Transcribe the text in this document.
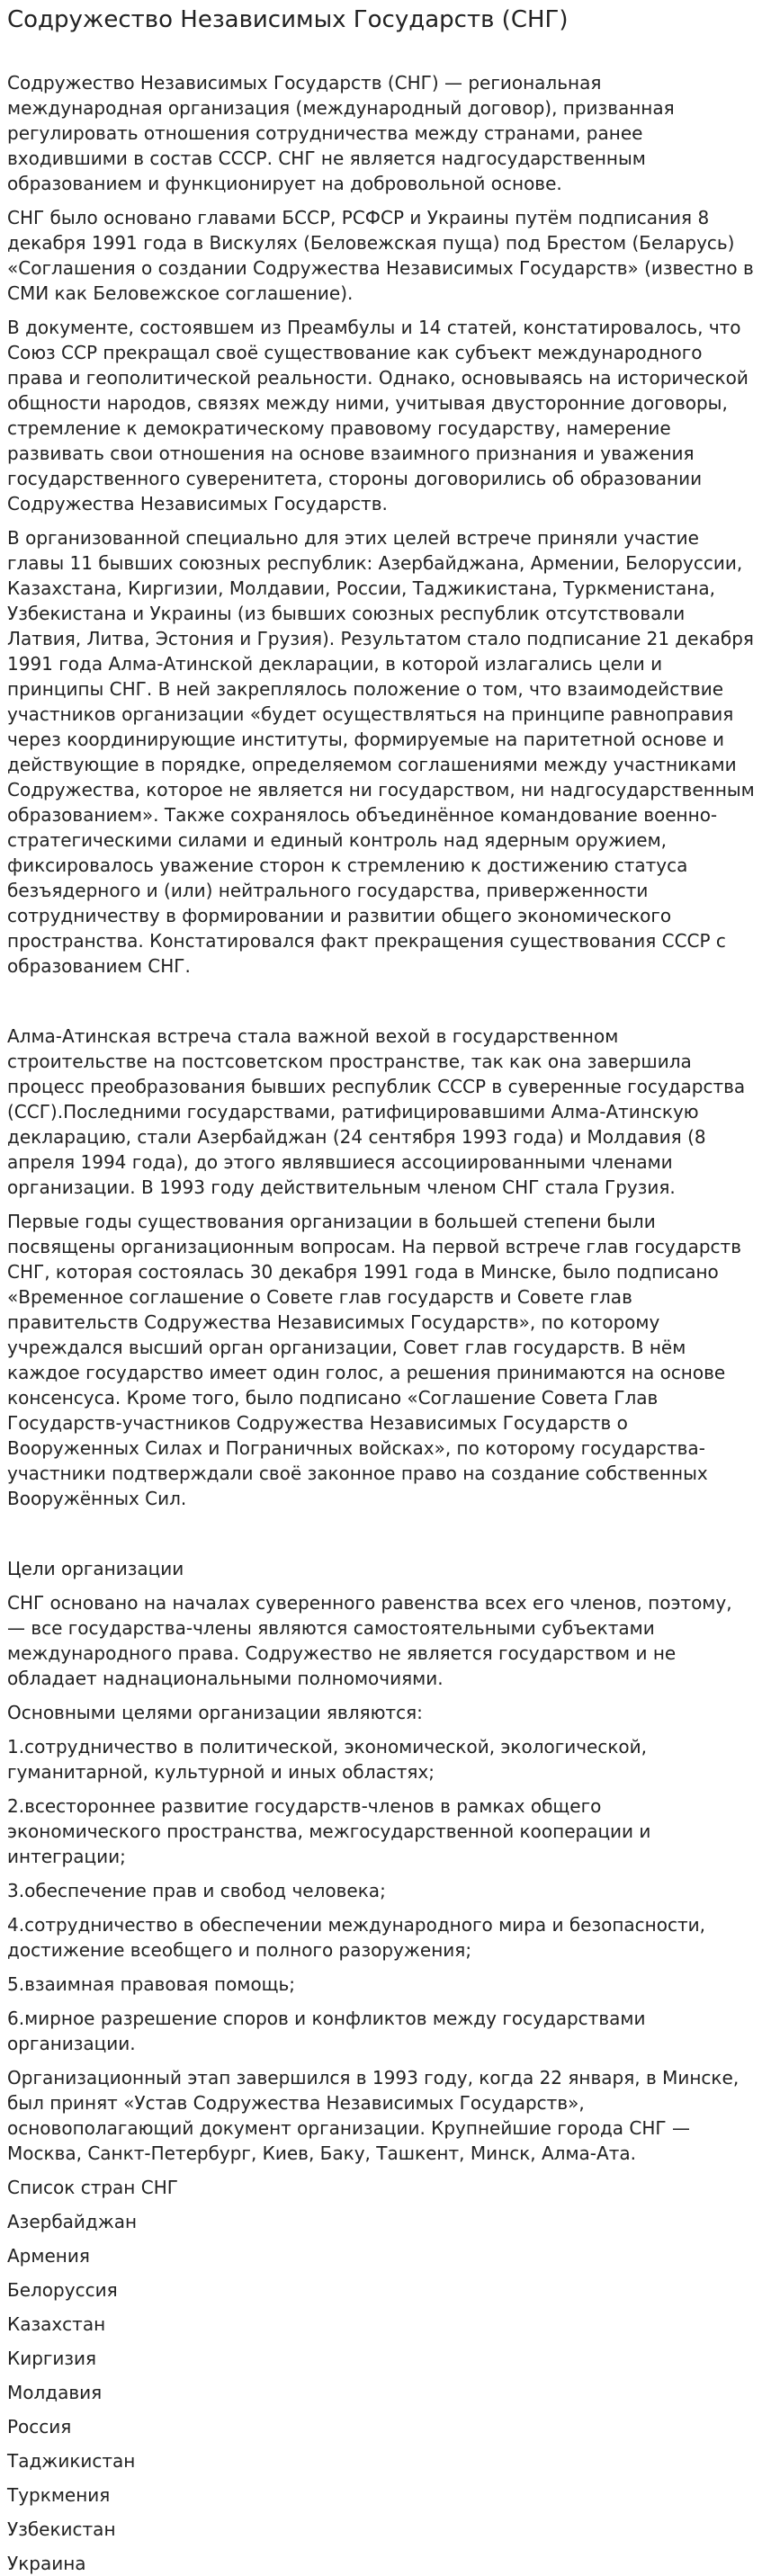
Содружество Независимых Государств (СНГ)

Содружество Независимых Государств (СНГ) — региональная международная организация (международный договор), призванная регулировать отношения сотрудничества между странами, ранее входившими в состав СССР. СНГ не является надгосударственным образованием и функционирует на добровольной основе.

СНГ было основано главами БССР, РСФСР и Украины путём подписания 8 декабря 1991 года в Вискулях (Беловежская пуща) под Брестом (Беларусь) «Соглашения о создании Содружества Независимых Государств» (известно в СМИ как Беловежское соглашение).

В документе, состоявшем из Преамбулы и 14 статей, констатировалось, что Союз ССР прекращал своё существование как субъект международного права и геополитической реальности. Однако, основываясь на исторической общности народов, связях между ними, учитывая двусторонние договоры, стремление к демократическому правовому государству, намерение развивать свои отношения на основе взаимного признания и уважения государственного суверенитета, стороны договорились об образовании Содружества Независимых Государств.

В организованной специально для этих целей встрече приняли участие главы 11 бывших союзных республик: Азербайджана, Армении, Белоруссии, Казахстана, Киргизии, Молдавии, России, Таджикистана, Туркменистана, Узбекистана и Украины (из бывших союзных республик отсутствовали Латвия, Литва, Эстония и Грузия). Результатом стало подписание 21 декабря 1991 года Алма-Атинской декларации, в которой излагались цели и принципы СНГ. В ней закреплялось положение о том, что взаимодействие участников организации «будет осуществляться на принципе равноправия через координирующие институты, формируемые на паритетной основе и действующие в порядке, определяемом соглашениями между участниками Содружества, которое не является ни государством, ни надгосударственным образованием». Также сохранялось объединённое командование военно-стратегическими силами и единый контроль над ядерным оружием, фиксировалось уважение сторон к стремлению к достижению статуса безъядерного и (или) нейтрального государства, приверженности сотрудничеству в формировании и развитии общего экономического пространства. Констатировался факт прекращения существования СССР с образованием СНГ.

Алма-Атинская встреча стала важной вехой в государственном строительстве на постсоветском пространстве, так как она завершила процесс преобразования бывших республик СССР в суверенные государства (ССГ).Последними государствами, ратифицировавшими Алма-Атинскую декларацию, стали Азербайджан (24 сентября 1993 года) и Молдавия (8 апреля 1994 года), до этого являвшиеся ассоциированными членами организации. В 1993 году действительным членом СНГ стала Грузия.

Первые годы существования организации в большей степени были посвящены организационным вопросам. На первой встрече глав государств СНГ, которая состоялась 30 декабря 1991 года в Минске, было подписано «Временное соглашение о Совете глав государств и Совете глав правительств Содружества Независимых Государств», по которому учреждался высший орган организации, Совет глав государств. В нём каждое государство имеет один голос, а решения принимаются на основе консенсуса. Кроме того, было подписано «Соглашение Совета Глав Государств-участников Содружества Независимых Государств о Вооруженных Силах и Пограничных войсках», по которому государства-участники подтверждали своё законное право на создание собственных Вооружённых Сил.

Цели организации

СНГ основано на началах суверенного равенства всех его членов, поэтому, — все государства-члены являются самостоятельными субъектами международного права. Содружество не является государством и не обладает наднациональными полномочиями.

Основными целями организации являются:

1.сотрудничество в политической, экономической, экологической, гуманитарной, культурной и иных областях;

2.всестороннее развитие государств-членов в рамках общего экономического пространства, межгосударственной кооперации и интеграции;

3.обеспечение прав и свобод человека;

4.сотрудничество в обеспечении международного мира и безопасности, достижение всеобщего и полного разоружения;

5.взаимная правовая помощь;

6.мирное разрешение споров и конфликтов между государствами организации.

Организационный этап завершился в 1993 году, когда 22 января, в Минске, был принят «Устав Содружества Независимых Государств», основополагающий документ организации. Крупнейшие города СНГ — Москва, Санкт-Петербург, Киев, Баку, Ташкент, Минск, Алма-Ата.

Список стран СНГ

Азербайджан
Армения
Белоруссия
Казахстан
Киргизия
Молдавия
Россия
Таджикистан
Туркмения
Узбекистан
Украина
